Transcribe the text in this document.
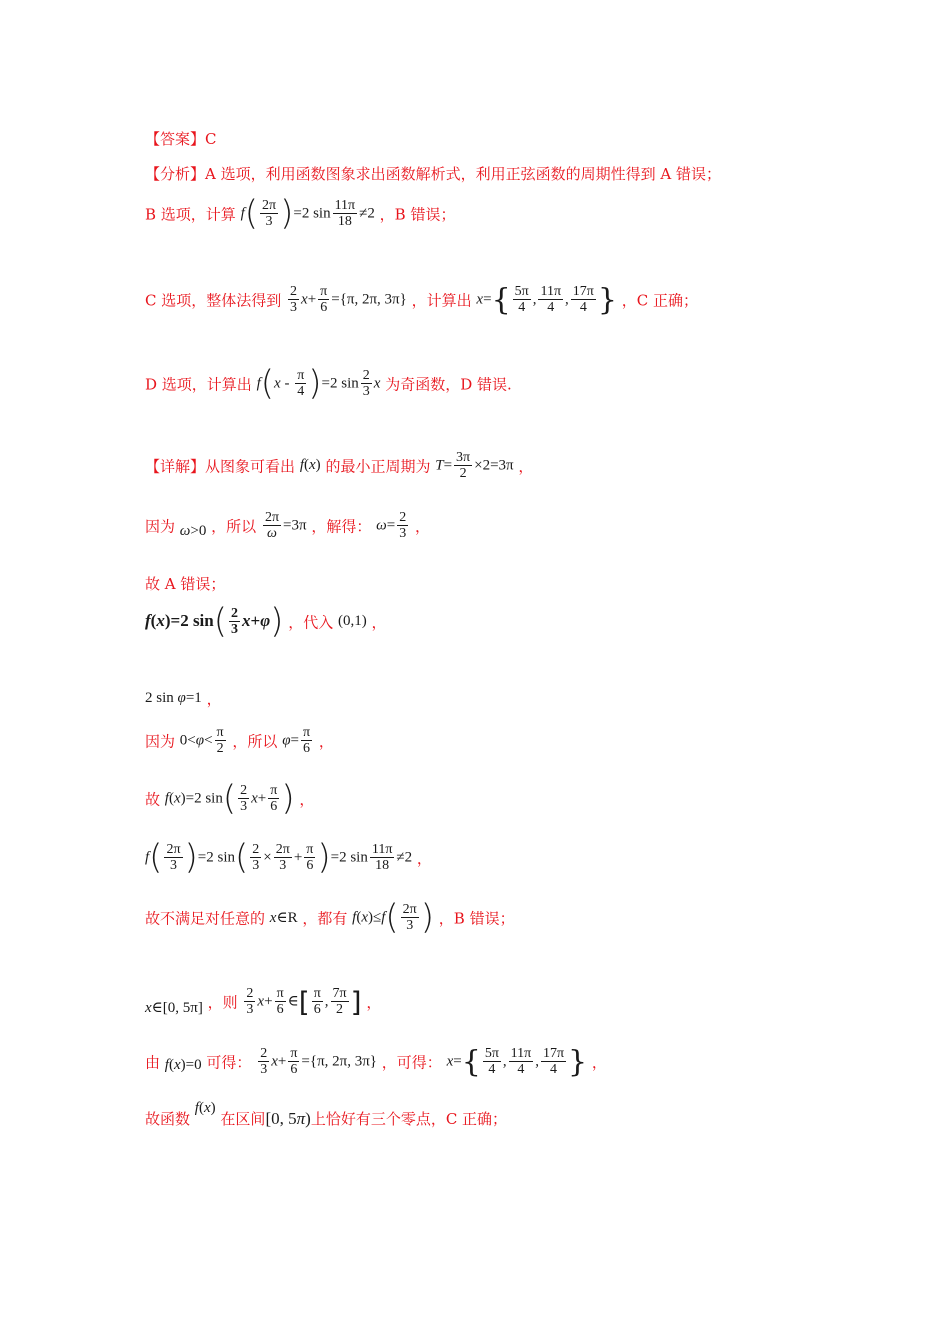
【答案】C
【分析】A 选项，利用函数图象求出函数解析式，利用正弦函数的周期性得到 A 错误；
B 选项，计算 $f( \frac{2\pi}{3} )=2$ $\sin \frac{11\pi}{18} \ne 2$ ，B 错误；
C 选项，整体法得到 $\frac{2}{3} x+ \frac{\pi}{6} =\{\pi$, 2π, 3π} ，计算出 $x=\{ \frac{5\pi}{4}$ , $\frac{11\pi}{4}$ , $\frac{17\pi}{4}$ } ，C 正确；
D 选项，计算出 $f(x - \frac{\pi}{4} )=2$ $\sin \frac{2}{3}$ x 为奇函数，D 错误.
【详解】从图象可看出 f(x) 的最小正周期为 $T= \frac{3\pi}{2} \times 2=3\pi$ ，
因为 ω>0 ，所以 $\frac{2\pi}{\omega} =3\pi$ ，解得： $\omega= \frac{2}{3}$ ，
故 A 错误；
f(x)=2 $\sin( \frac{2}{3} x+\varphi)$ ，代入 (0,1) ，
2 sin φ=1 ，
因为 $0<\varphi< \frac{\pi}{2}$ ，所以 $\varphi= \frac{\pi}{6}$ ，
故 f(x)=2 $\sin( \frac{2}{3} x+ \frac{\pi}{6}$ ) ，
$f( \frac{2\pi}{3} )=2$ $\sin( \frac{2}{3} \times \frac{2\pi}{3} + \frac{\pi}{6} )=2$ $\sin \frac{11\pi}{18} \ne 2$ ，
故不满足对任意的 x∈R ，都有 $f(x)\le f( \frac{2\pi}{3}$ ) ，B 错误；
x∈[0, 5π] ，则 $\frac{2}{3} x+ \frac{\pi}{6}$ ∈[ $\frac{\pi}{6}$ , $\frac{7\pi}{2}$ ] ，
由 f(x)=0 可得： $\frac{2}{3} x+ \frac{\pi}{6} =\{\pi$, 2π, 3π} ，可得： $x=\{ \frac{5\pi}{4}$ , $\frac{11\pi}{4}$ , $\frac{17\pi}{4}$ } ，
故函数 f(x) 在区间[0, 5π)上恰好有三个零点，C 正确；
